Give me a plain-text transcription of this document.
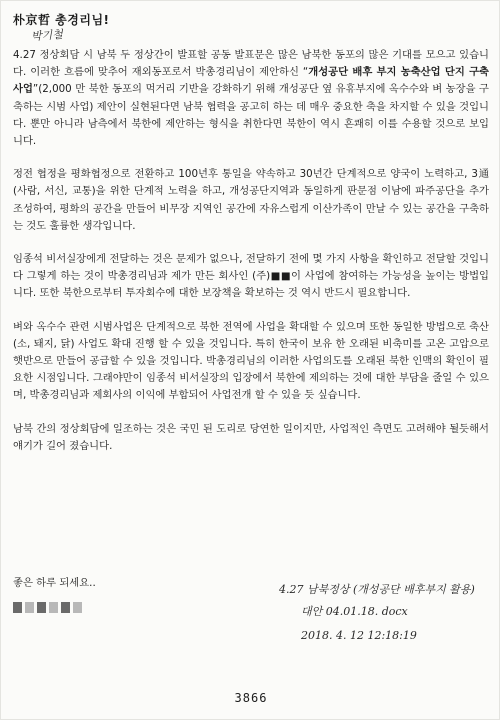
朴京哲 총경리님!
박기철

4.27 정상회담 시 남북 두 정상간이 발표할 공동 발표문은 많은 남북한 동포의 많은 기대를 모으고 있습니다. 이러한 흐름에 맞추어 재외동포로서 박총경리님이 제안하신 “개성공단 배후 부지 농축산업 단지 구축사업”(2,000 만 북한 동포의 먹거리 기반을 강화하기 위해 개성공단 옆 유휴부지에 옥수수와 벼 농장을 구축하는 시범 사업) 제안이 실현된다면 남북 협력을 공고히 하는 데 매우 중요한 축을 차지할 수 있을 것입니다. 뿐만 아니라 남측에서 북한에 제안하는 형식을 취한다면 북한이 역시 흔쾌히 이를 수용할 것으로 보입니다.

정전 협정을 평화협정으로 전환하고 100년후 통일을 약속하고 30년간 단계적으로 양국이 노력하고, 3通 (사람, 서신, 교통)을 위한 단계적 노력을 하고, 개성공단지역과 동일하게 판문점 이남에 파주공단을 추가 조성하여, 평화의 공간을 만들어 비무장 지역인 공간에 자유스럽게 이산가족이 만날 수 있는 공간을 구축하는 것도 훌륭한 생각입니다.

임종석 비서실장에게 전달하는 것은 문제가 없으나, 전달하기 전에 몇 가지 사항을 확인하고 전달할 것입니다 그렇게 하는 것이 박총경리님과 제가 만든 회사인 (주)■■이 사업에 참여하는 가능성을 높이는 방법입니다. 또한 북한으로부터 투자회수에 대한 보장책을 확보하는 것 역시 반드시 필요합니다.

벼와 옥수수 관련 시범사업은 단계적으로 북한 전역에 사업을 확대할 수 있으며 또한 동일한 방법으로 축산(소, 돼지, 닭) 사업도 확대 진행 할 수 있을 것입니다. 특히 한국이 보유 한 오래된 비축미를 고온 고압으로 햇반으로 만들어 공급할 수 있을 것입니다. 박총경리님의 이러한 사업의도를 오래된 북한 인맥의 확인이 필요한 시점입니다. 그래야만이 임종석 비서실장의 입장에서 북한에 제의하는 것에 대한 부담을 줄일 수 있으며, 박총경리님과 제회사의 이익에 부합되어 사업전개 할 수 있을 듯 싶습니다.

남북 간의 정상회담에 일조하는 것은 국민 된 도리로 당연한 일이지만, 사업적인 측면도 고려해야 될듯해서 얘기가 길어 졌습니다.

좋은 하루 되세요..	4.27 남북정상 (개성공단 배후부지 활용)
대안 04.01.18. docx
2018. 4. 12 12:18:19
3866
